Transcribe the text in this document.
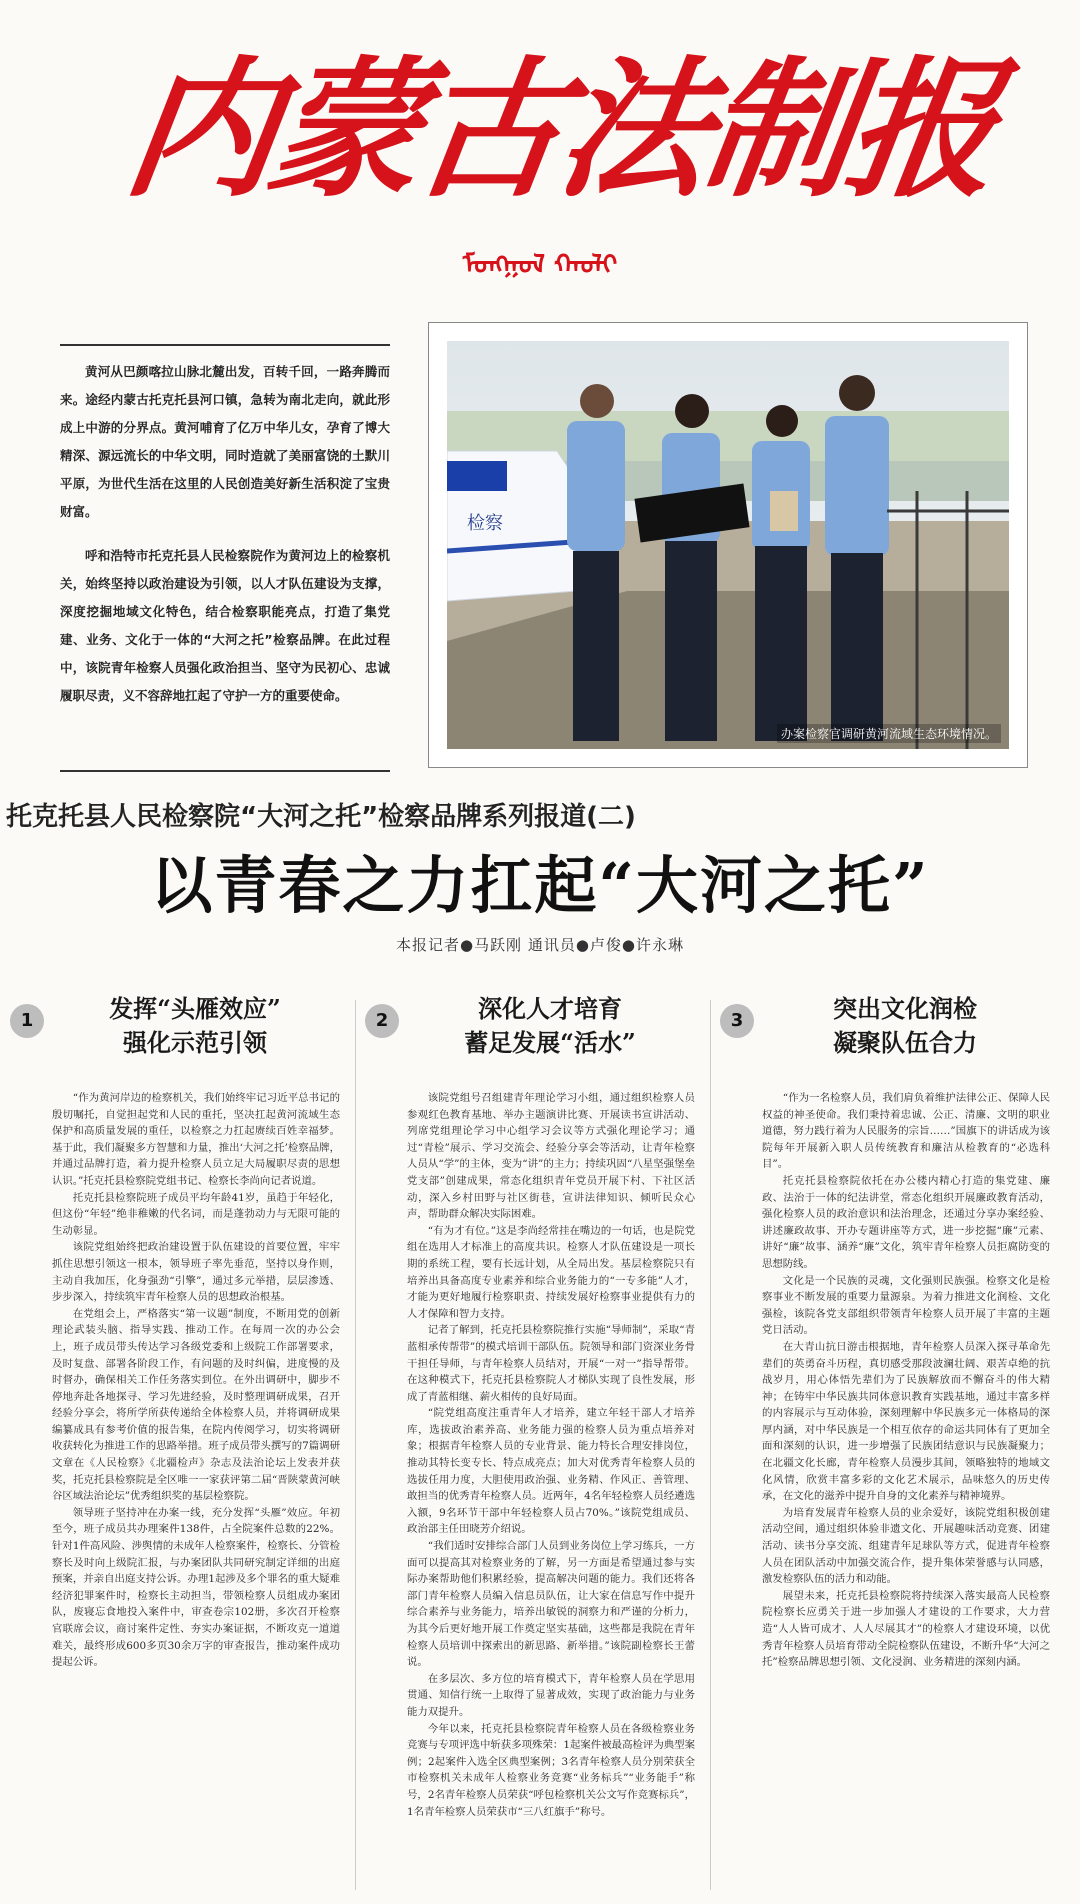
内蒙古法制报
ᠮᠣᠩᠭᠣᠯ ᠬᠠᠤᠯᠢ

黄河从巴颜喀拉山脉北麓出发，百转千回，一路奔腾而来。途经内蒙古托克托县河口镇，急转为南北走向，就此形成上中游的分界点。黄河哺育了亿万中华儿女，孕育了博大精深、源远流长的中华文明，同时造就了美丽富饶的土默川平原，为世代生活在这里的人民创造美好新生活积淀了宝贵财富。

呼和浩特市托克托县人民检察院作为黄河边上的检察机关，始终坚持以政治建设为引领，以人才队伍建设为支撑，深度挖掘地域文化特色，结合检察职能亮点，打造了集党建、业务、文化于一体的“大河之托”检察品牌。在此过程中，该院青年检察人员强化政治担当、坚守为民初心、忠诚履职尽责，义不容辞地扛起了守护一方的重要使命。

检察
办案检察官调研黄河流域生态环境情况。
托克托县人民检察院“大河之托”检察品牌系列报道(二)
以青春之力扛起“大河之托”
本报记者●马跃刚 通讯员●卢俊●许永琳
1	发挥“头雁效应”
强化示范引领

“作为黄河岸边的检察机关，我们始终牢记习近平总书记的殷切嘱托，自觉担起党和人民的重托，坚决扛起黄河流域生态保护和高质量发展的重任，以检察之力扛起赓续百姓幸福梦。基于此，我们凝聚多方智慧和力量，推出‘大河之托’检察品牌，并通过品牌打造，着力提升检察人员立足大局履职尽责的思想认识。”托克托县检察院党组书记、检察长李尚向记者说道。

托克托县检察院班子成员平均年龄41岁，虽趋于年轻化，但这份“年轻”绝非稚嫩的代名词，而是蓬勃动力与无限可能的生动彰显。

该院党组始终把政治建设置于队伍建设的首要位置，牢牢抓住思想引领这一根本，领导班子率先垂范，坚持以身作则，主动自我加压，化身强劲“引擎”，通过多元举措，层层渗透、步步深入，持续筑牢青年检察人员的思想政治根基。

在党组会上，严格落实“第一议题”制度，不断用党的创新理论武装头脑、指导实践、推动工作。在每周一次的办公会上，班子成员带头传达学习各级党委和上级院工作部署要求，及时复盘、部署各阶段工作，有问题的及时纠偏，进度慢的及时督办，确保相关工作任务落实到位。在外出调研中，脚步不停地奔赴各地探寻、学习先进经验，及时整理调研成果，召开经验分享会，将所学所获传递给全体检察人员，并将调研成果编纂成具有参考价值的报告集，在院内传阅学习，切实将调研收获转化为推进工作的思路举措。班子成员带头撰写的7篇调研文章在《人民检察》《北疆检声》杂志及法治论坛上发表并获奖，托克托县检察院是全区唯一一家获评第二届“晋陕蒙黄河峡谷区域法治论坛”优秀组织奖的基层检察院。

领导班子坚持冲在办案一线，充分发挥“头雁”效应。年初至今，班子成员共办理案件138件，占全院案件总数的22%。针对1件高风险、涉舆情的未成年人检察案件，检察长、分管检察长及时向上级院汇报，与办案团队共同研究制定详细的出庭预案，并亲自出庭支持公诉。办理1起涉及多个罪名的重大疑难经济犯罪案件时，检察长主动担当，带领检察人员组成办案团队，废寝忘食地投入案件中，审查卷宗102册，多次召开检察官联席会议，商讨案件定性、夯实办案证据，不断攻克一道道难关，最终形成600多页30余万字的审查报告，推动案件成功提起公诉。

2	深化人才培育
蓄足发展“活水”

该院党组号召组建青年理论学习小组，通过组织检察人员参观红色教育基地、举办主题演讲比赛、开展读书宣讲活动、列席党组理论学习中心组学习会议等方式强化理论学习；通过“青检”展示、学习交流会、经验分享会等活动，让青年检察人员从“学”的主体，变为“讲”的主力；持续巩固“八星坚强堡垒党支部”创建成果，常态化组织青年党员开展下村、下社区活动，深入乡村田野与社区街巷，宣讲法律知识、倾听民众心声，帮助群众解决实际困难。

“有为才有位。”这是李尚经常挂在嘴边的一句话，也是院党组在选用人才标准上的高度共识。检察人才队伍建设是一项长期的系统工程，要有长远计划，从全局出发。基层检察院只有培养出具备高度专业素养和综合业务能力的“一专多能”人才，才能为更好地履行检察职责、持续发展好检察事业提供有力的人才保障和智力支持。

记者了解到，托克托县检察院推行实施“导师制”，采取“青蓝相承传帮带”的模式培训干部队伍。院领导和部门资深业务骨干担任导师，与青年检察人员结对，开展“一对一”指导帮带。在这种模式下，托克托县检察院人才梯队实现了良性发展，形成了青蓝相继、薪火相传的良好局面。

“院党组高度注重青年人才培养，建立年轻干部人才培养库，选拔政治素养高、业务能力强的检察人员为重点培养对象；根据青年检察人员的专业背景、能力特长合理安排岗位，推动其特长变专长、特点成亮点；加大对优秀青年检察人员的选拔任用力度，大胆使用政治强、业务精、作风正、善管理、敢担当的优秀青年检察人员。近两年，4名年轻检察人员经遴选入额，9名环节干部中年轻检察人员占70%。”该院党组成员、政治部主任田晓芳介绍说。

“我们适时安排综合部门人员到业务岗位上学习练兵，一方面可以提高其对检察业务的了解，另一方面是希望通过参与实际办案帮助他们积累经验，提高解决问题的能力。我们还将各部门青年检察人员编入信息员队伍，让大家在信息写作中提升综合素养与业务能力，培养出敏锐的洞察力和严谨的分析力，为其今后更好地开展工作奠定坚实基础，这些都是我院在青年检察人员培训中探索出的新思路、新举措。”该院副检察长王蕾说。

在多层次、多方位的培育模式下，青年检察人员在学思用贯通、知信行统一上取得了显著成效，实现了政治能力与业务能力双提升。

今年以来，托克托县检察院青年检察人员在各级检察业务竞赛与专项评选中斩获多项殊荣：1起案件被最高检评为典型案例；2起案件入选全区典型案例；3名青年检察人员分别荣获全市检察机关未成年人检察业务竞赛“业务标兵”“业务能手”称号，2名青年检察人员荣获“呼包检察机关公文写作竞赛标兵”，1名青年检察人员荣获市“三八红旗手”称号。

3	突出文化润检
凝聚队伍合力

“作为一名检察人员，我们肩负着维护法律公正、保障人民权益的神圣使命。我们秉持着忠诚、公正、清廉、文明的职业道德，努力践行着为人民服务的宗旨……”国旗下的讲话成为该院每年开展新入职人员传统教育和廉洁从检教育的“必选科目”。

托克托县检察院依托在办公楼内精心打造的集党建、廉政、法治于一体的纪法讲堂，常态化组织开展廉政教育活动，强化检察人员的政治意识和法治理念，还通过分享办案经验、讲述廉政故事、开办专题讲座等方式，进一步挖掘“廉”元素、讲好“廉”故事、涵养“廉”文化，筑牢青年检察人员拒腐防变的思想防线。

文化是一个民族的灵魂，文化强则民族强。检察文化是检察事业不断发展的重要力量源泉。为着力推进文化润检、文化强检，该院各党支部组织带领青年检察人员开展了丰富的主题党日活动。

在大青山抗日游击根据地，青年检察人员深入探寻革命先辈们的英勇奋斗历程，真切感受那段波澜壮阔、艰苦卓绝的抗战岁月，用心体悟先辈们为了民族解放而不懈奋斗的伟大精神；在铸牢中华民族共同体意识教育实践基地，通过丰富多样的内容展示与互动体验，深刻理解中华民族多元一体格局的深厚内涵，对中华民族是一个相互依存的命运共同体有了更加全面和深刻的认识，进一步增强了民族团结意识与民族凝聚力；在北疆文化长廊，青年检察人员漫步其间，领略独特的地域文化风情，欣赏丰富多彩的文化艺术展示，品味悠久的历史传承，在文化的滋养中提升自身的文化素养与精神境界。

为培育发展青年检察人员的业余爱好，该院党组积极创建活动空间，通过组织体验非遗文化、开展趣味活动竞赛、团建活动、读书分享交流、组建青年足球队等方式，促进青年检察人员在团队活动中加强交流合作，提升集体荣誉感与认同感，激发检察队伍的活力和动能。

展望未来，托克托县检察院将持续深入落实最高人民检察院检察长应勇关于进一步加强人才建设的工作要求，大力营造“人人皆可成才、人人尽展其才”的检察人才建设环境，以优秀青年检察人员培育带动全院检察队伍建设，不断升华“大河之托”检察品牌思想引领、文化浸润、业务精进的深刻内涵。
